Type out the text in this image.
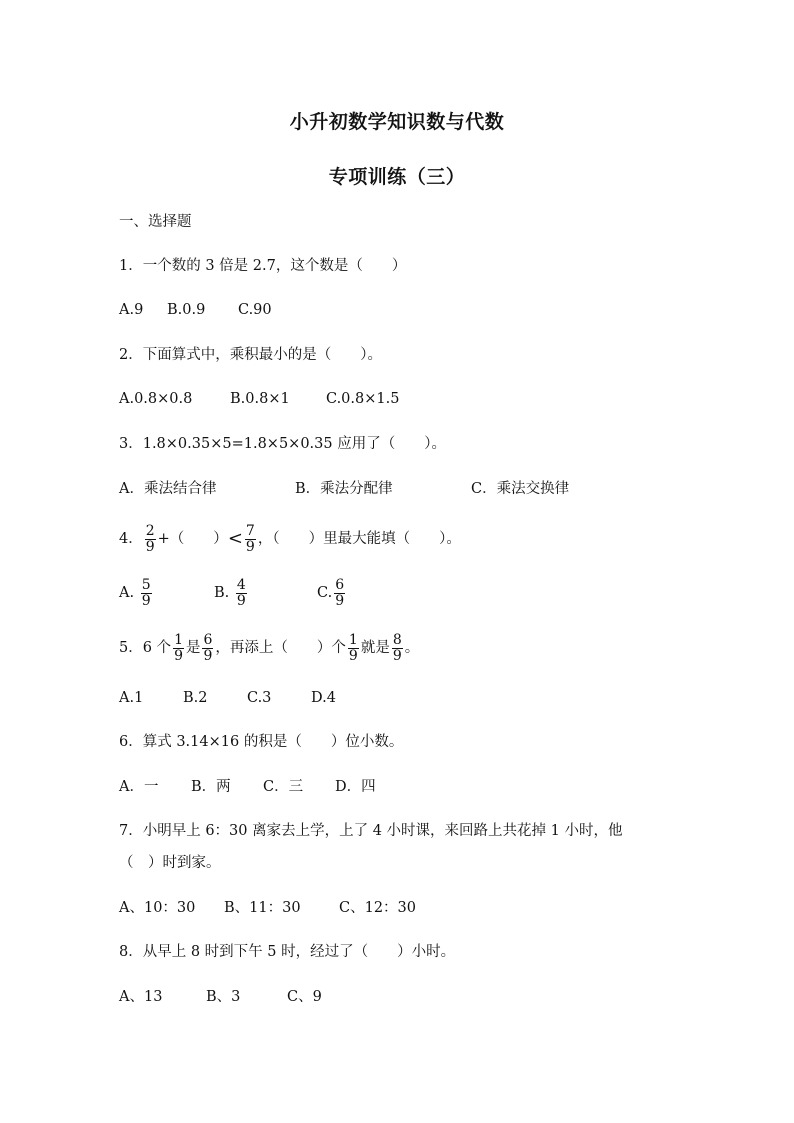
小升初数学知识数与代数
专项训练（三）
一、选择题
1．一个数的 3 倍是 2.7，这个数是（　　）
A.9 B.0.9 C.90
2．下面算式中，乘积最小的是（　　）。
A.0.8×0.8	B.0.8×1	C.0.8×1.5
3．1.8×0.35×5=1.8×5×0.35 应用了（　　）。
A．乘法结合律	B．乘法分配律	C．乘法交换律
4． $\frac{2}{9}$ +（　　）< $\frac{7}{9}$ ，（　　）里最大能填（　　）。
A. $\frac{5}{9}$	B. $\frac{4}{9}$	C. $\frac{6}{9}$
5．6 个 $\frac{1}{9}$ 是 $\frac{6}{9}$ ，再添上（　　）个 $\frac{1}{9}$ 就是 $\frac{8}{9}$ 。
A.1	B.2	C.3	D.4
6．算式 3.14×16 的积是（　　）位小数。
A．一 B．两 C．三 D．四
7．小明早上 6：30 离家去上学，上了 4 小时课，来回路上共花掉 1 小时，他
（　）时到家。
A、10：30 B、11：30	C、12：30
8．从早上 8 时到下午 5 时，经过了（　　）小时。
A、13	B、3	C、9
